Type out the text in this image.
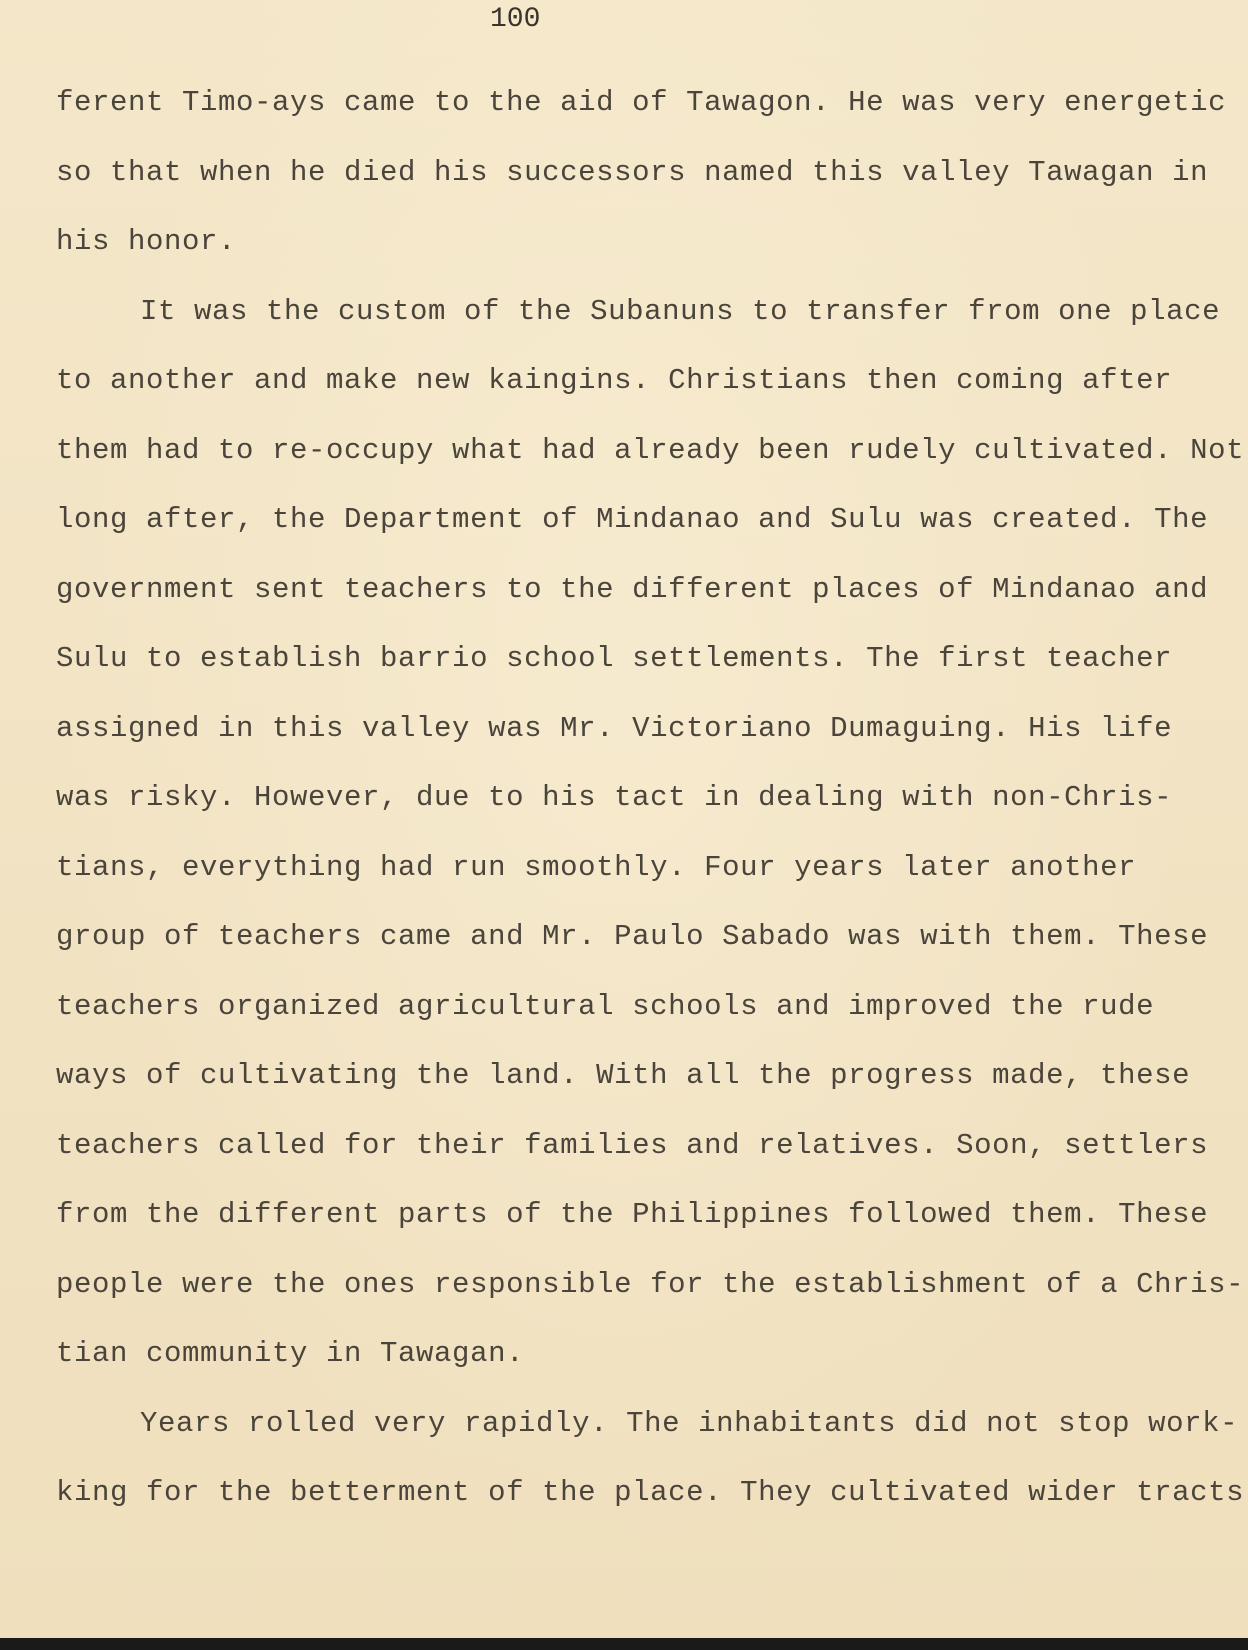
100

ferent Timo-ays came to the aid of Tawagon. He was very energetic

so that when he died his successors named this valley Tawagan in

his honor.

It was the custom of the Subanuns to transfer from one place

to another and make new kaingins. Christians then coming after

them had to re-occupy what had already been rudely cultivated. Not

long after, the Department of Mindanao and Sulu was created. The

government sent teachers to the different places of Mindanao and

Sulu to establish barrio school settlements. The first teacher

assigned in this valley was Mr. Victoriano Dumaguing. His life

was risky. However, due to his tact in dealing with non-Chris-

tians, everything had run smoothly. Four years later another

group of teachers came and Mr. Paulo Sabado was with them. These

teachers organized agricultural schools and improved the rude

ways of cultivating the land. With all the progress made, these

teachers called for their families and relatives. Soon, settlers

from the different parts of the Philippines followed them. These

people were the ones responsible for the establishment of a Chris-

tian community in Tawagan.

Years rolled very rapidly. The inhabitants did not stop work-

king for the betterment of the place. They cultivated wider tracts
